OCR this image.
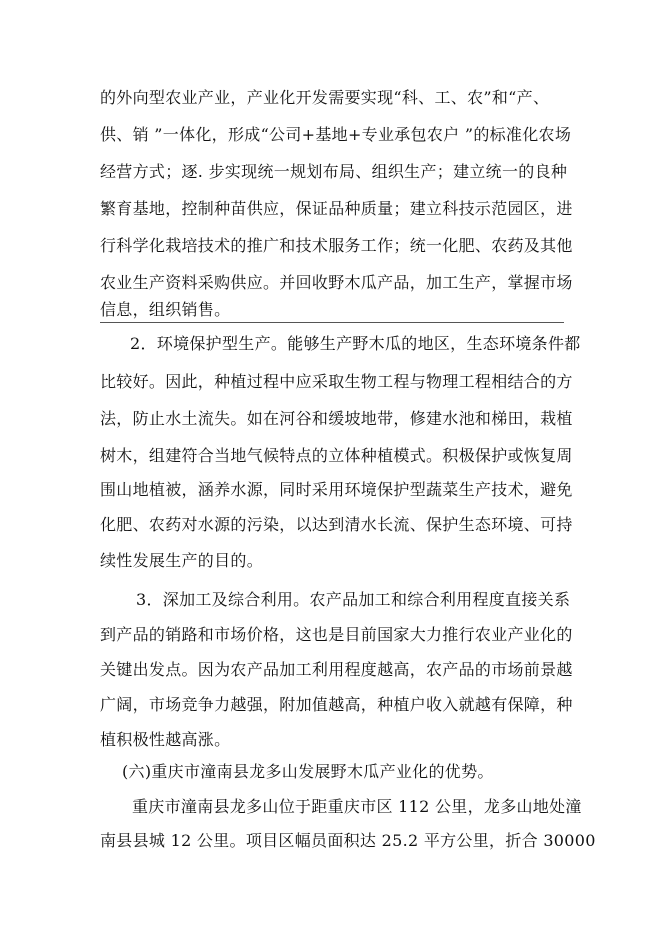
的外向型农业产业，产业化开发需要实现“科、工、农”和“产、
供、销 ”一体化，形成“公司+基地+专业承包农户 ”的标准化农场
经营方式；逐. 步实现统一规划布局、组织生产；建立统一的良种
繁育基地，控制种苗供应，保证品种质量；建立科技示范园区，进
行科学化栽培技术的推广和技术服务工作；统一化肥、农药及其他
农业生产资料采购供应。并回收野木瓜产品，加工生产，掌握市场
信息，组织销售。
2．环境保护型生产。能够生产野木瓜的地区，生态环境条件都
比较好。因此，种植过程中应采取生物工程与物理工程相结合的方
法，防止水土流失。如在河谷和缓坡地带，修建水池和梯田，栽植
树木，组建符合当地气候特点的立体种植模式。积极保护或恢复周
围山地植被，涵养水源，同时采用环境保护型蔬菜生产技术，避免
化肥、农药对水源的污染，以达到清水长流、保护生态环境、可持
续性发展生产的目的。
3．深加工及综合利用。农产品加工和综合利用程度直接关系
到产品的销路和市场价格，这也是目前国家大力推行农业产业化的
关键出发点。因为农产品加工利用程度越高，农产品的市场前景越
广阔，市场竞争力越强，附加值越高，种植户收入就越有保障，种
植积极性越高涨。
(六)重庆市潼南县龙多山发展野木瓜产业化的优势。
重庆市潼南县龙多山位于距重庆市区 112 公里，龙多山地处潼
南县县城 12 公里。项目区幅员面积达 25.2 平方公里，折合 30000
